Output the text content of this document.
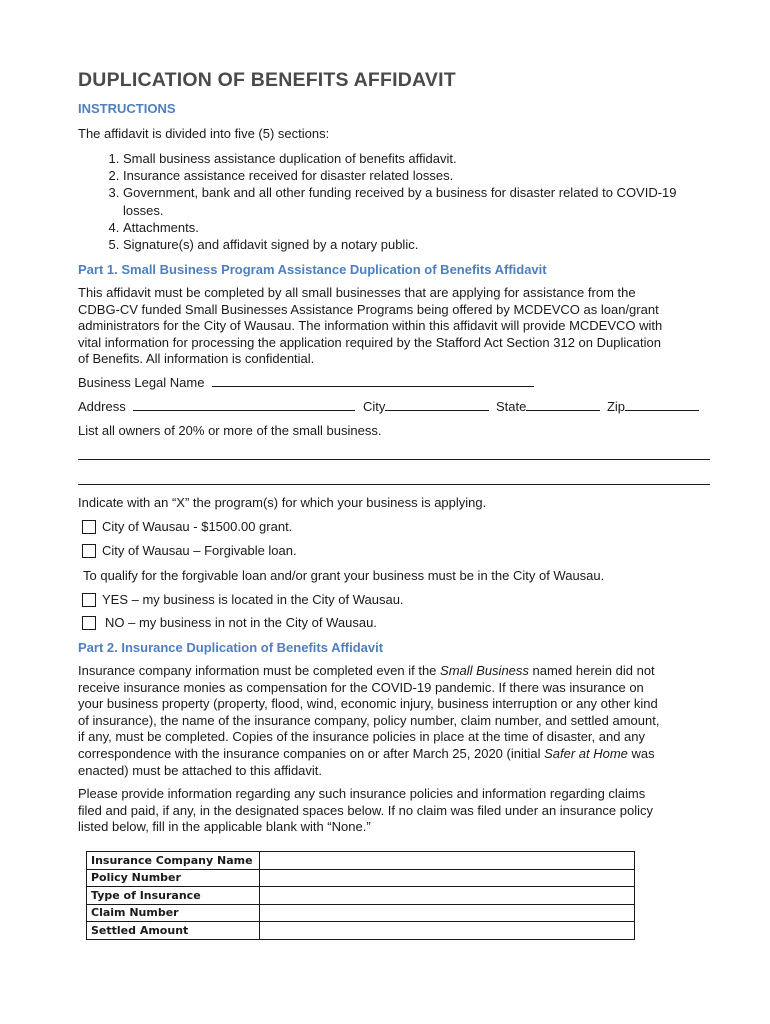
DUPLICATION OF BENEFITS AFFIDAVIT
INSTRUCTIONS
The affidavit is divided into five (5) sections:
1. Small business assistance duplication of benefits affidavit.
2. Insurance assistance received for disaster related losses.
3. Government, bank and all other funding received by a business for disaster related to COVID-19 losses.
4. Attachments.
5. Signature(s) and affidavit signed by a notary public.
Part 1. Small Business Program Assistance Duplication of Benefits Affidavit
This affidavit must be completed by all small businesses that are applying for assistance from the
CDBG-CV funded Small Businesses Assistance Programs being offered by MCDEVCO as loan/grant
administrators for the City of Wausau. The information within this affidavit will provide MCDEVCO with
vital information for processing the application required by the Stafford Act Section 312 on Duplication
of Benefits. All information is confidential.
Business Legal Name
Address	City	State	Zip
List all owners of 20% or more of the small business.
Indicate with an “X” the program(s) for which your business is applying.
City of Wausau - $1500.00 grant.
City of Wausau – Forgivable loan.
To qualify for the forgivable loan and/or grant your business must be in the City of Wausau.
YES – my business is located in the City of Wausau.
NO – my business in not in the City of Wausau.
Part 2. Insurance Duplication of Benefits Affidavit
Insurance company information must be completed even if the Small Business named herein did not
receive insurance monies as compensation for the COVID-19 pandemic. If there was insurance on
your business property (property, flood, wind, economic injury, business interruption or any other kind
of insurance), the name of the insurance company, policy number, claim number, and settled amount,
if any, must be completed. Copies of the insurance policies in place at the time of disaster, and any
correspondence with the insurance companies on or after March 25, 2020 (initial Safer at Home was
enacted) must be attached to this affidavit.
Please provide information regarding any such insurance policies and information regarding claims
filed and paid, if any, in the designated spaces below. If no claim was filed under an insurance policy
listed below, fill in the applicable blank with “None.”
Insurance Company Name	
Policy Number	
Type of Insurance	
Claim Number	
Settled Amount	
